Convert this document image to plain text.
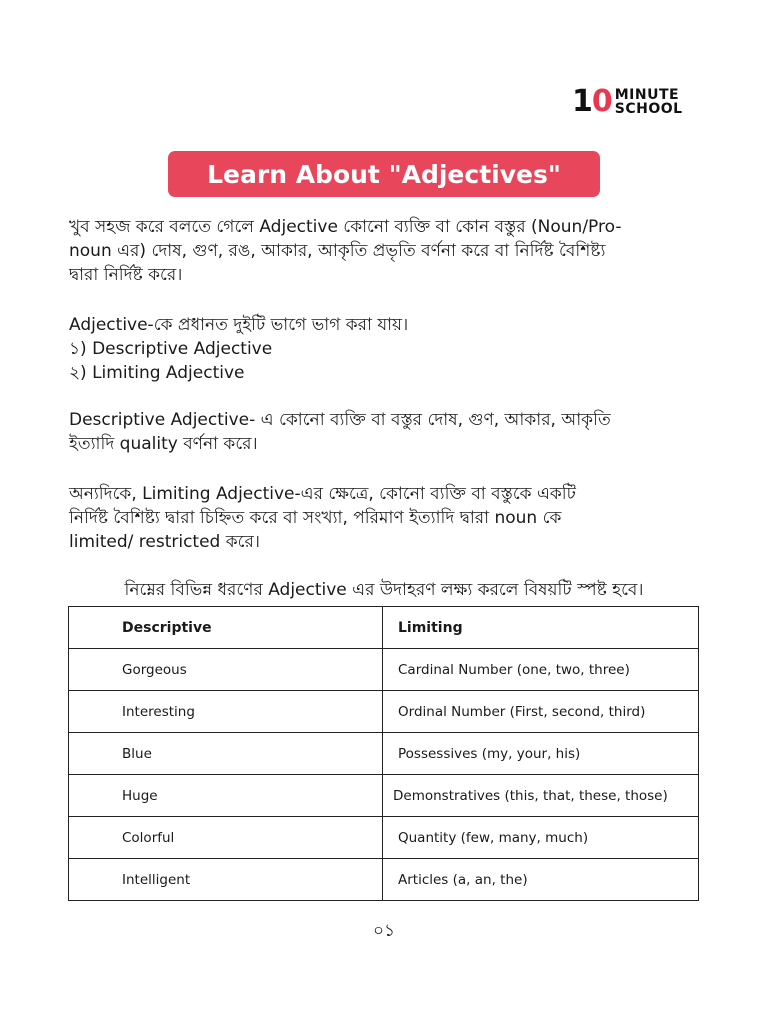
10 MINUTE
SCHOOL
Learn About "Adjectives"

খুব সহজ করে বলতে গেলে Adjective কোনো ব্যক্তি বা কোন বস্তুর (Noun/Pro-
noun এর) দোষ, গুণ, রঙ, আকার, আকৃতি প্রভৃতি বর্ণনা করে বা নির্দিষ্ট বৈশিষ্ট্য
দ্বারা নির্দিষ্ট করে।

Adjective-কে প্রধানত দুইটি ভাগে ভাগ করা যায়।
১) Descriptive Adjective
২) Limiting Adjective

Descriptive Adjective- এ কোনো ব্যক্তি বা বস্তুর দোষ, গুণ, আকার, আকৃতি
ইত্যাদি quality বর্ণনা করে।

অন্যদিকে, Limiting Adjective-এর ক্ষেত্রে, কোনো ব্যক্তি বা বস্তুকে একটি
নির্দিষ্ট বৈশিষ্ট্য দ্বারা চিহ্নিত করে বা সংখ্যা, পরিমাণ ইত্যাদি দ্বারা noun কে
limited/ restricted করে।

নিম্নের বিভিন্ন ধরণের Adjective এর উদাহরণ লক্ষ্য করলে বিষয়টি স্পষ্ট হবে।
Descriptive	Limiting
Gorgeous	Cardinal Number (one, two, three)
Interesting	Ordinal Number (First, second, third)
Blue	Possessives (my, your, his)
Huge	Demonstratives (this, that, these, those)
Colorful	Quantity (few, many, much)
Intelligent	Articles (a, an, the)
০১
